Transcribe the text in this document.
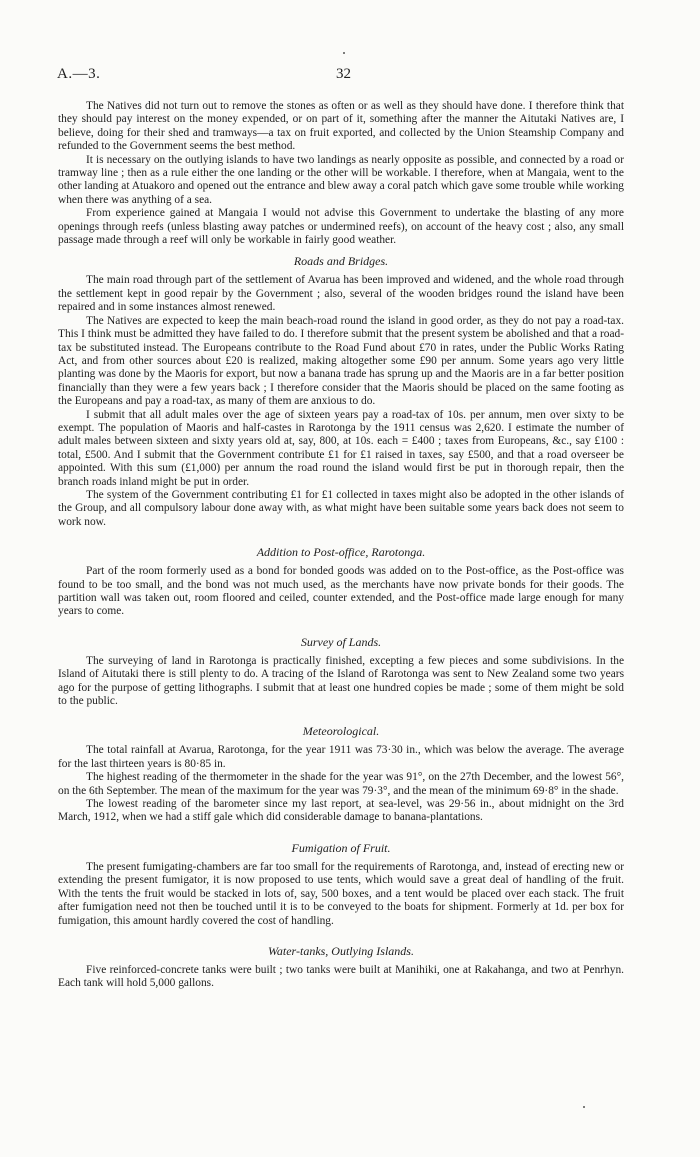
A.—3.	32

The Natives did not turn out to remove the stones as often or as well as they should have done. I therefore think that they should pay interest on the money expended, or on part of it, something after the manner the Aitutaki Natives are, I believe, doing for their shed and tramways—a tax on fruit exported, and collected by the Union Steamship Company and refunded to the Government seems the best method.

It is necessary on the outlying islands to have two landings as nearly opposite as possible, and connected by a road or tramway line ; then as a rule either the one landing or the other will be workable. I therefore, when at Mangaia, went to the other landing at Atuakoro and opened out the entrance and blew away a coral patch which gave some trouble while working when there was anything of a sea.

From experience gained at Mangaia I would not advise this Government to undertake the blasting of any more openings through reefs (unless blasting away patches or undermined reefs), on account of the heavy cost ; also, any small passage made through a reef will only be workable in fairly good weather.

Roads and Bridges.

The main road through part of the settlement of Avarua has been improved and widened, and the whole road through the settlement kept in good repair by the Government ; also, several of the wooden bridges round the island have been repaired and in some instances almost renewed.

The Natives are expected to keep the main beach-road round the island in good order, as they do not pay a road-tax. This I think must be admitted they have failed to do. I therefore submit that the present system be abolished and that a road-tax be substituted instead. The Europeans contribute to the Road Fund about £70 in rates, under the Public Works Rating Act, and from other sources about £20 is realized, making altogether some £90 per annum. Some years ago very little planting was done by the Maoris for export, but now a banana trade has sprung up and the Maoris are in a far better position financially than they were a few years back ; I therefore consider that the Maoris should be placed on the same footing as the Europeans and pay a road-tax, as many of them are anxious to do.

I submit that all adult males over the age of sixteen years pay a road-tax of 10s. per annum, men over sixty to be exempt. The population of Maoris and half-castes in Rarotonga by the 1911 census was 2,620. I estimate the number of adult males between sixteen and sixty years old at, say, 800, at 10s. each = £400 ; taxes from Europeans, &c., say £100 : total, £500. And I submit that the Government contribute £1 for £1 raised in taxes, say £500, and that a road overseer be appointed. With this sum (£1,000) per annum the road round the island would first be put in thorough repair, then the branch roads inland might be put in order.

The system of the Government contributing £1 for £1 collected in taxes might also be adopted in the other islands of the Group, and all compulsory labour done away with, as what might have been suitable some years back does not seem to work now.

Addition to Post-office, Rarotonga.

Part of the room formerly used as a bond for bonded goods was added on to the Post-office, as the Post-office was found to be too small, and the bond was not much used, as the merchants have now private bonds for their goods. The partition wall was taken out, room floored and ceiled, counter extended, and the Post-office made large enough for many years to come.

Survey of Lands.

The surveying of land in Rarotonga is practically finished, excepting a few pieces and some subdivisions. In the Island of Aitutaki there is still plenty to do. A tracing of the Island of Rarotonga was sent to New Zealand some two years ago for the purpose of getting lithographs. I submit that at least one hundred copies be made ; some of them might be sold to the public.

Meteorological.

The total rainfall at Avarua, Rarotonga, for the year 1911 was 73·30 in., which was below the average. The average for the last thirteen years is 80·85 in.

The highest reading of the thermometer in the shade for the year was 91°, on the 27th December, and the lowest 56°, on the 6th September. The mean of the maximum for the year was 79·3°, and the mean of the minimum 69·8° in the shade.

The lowest reading of the barometer since my last report, at sea-level, was 29·56 in., about midnight on the 3rd March, 1912, when we had a stiff gale which did considerable damage to banana-plantations.

Fumigation of Fruit.

The present fumigating-chambers are far too small for the requirements of Rarotonga, and, instead of erecting new or extending the present fumigator, it is now proposed to use tents, which would save a great deal of handling of the fruit. With the tents the fruit would be stacked in lots of, say, 500 boxes, and a tent would be placed over each stack. The fruit after fumigation need not then be touched until it is to be conveyed to the boats for shipment. Formerly at 1d. per box for fumigation, this amount hardly covered the cost of handling.

Water-tanks, Outlying Islands.

Five reinforced-concrete tanks were built ; two tanks were built at Manihiki, one at Rakahanga, and two at Penrhyn. Each tank will hold 5,000 gallons.
